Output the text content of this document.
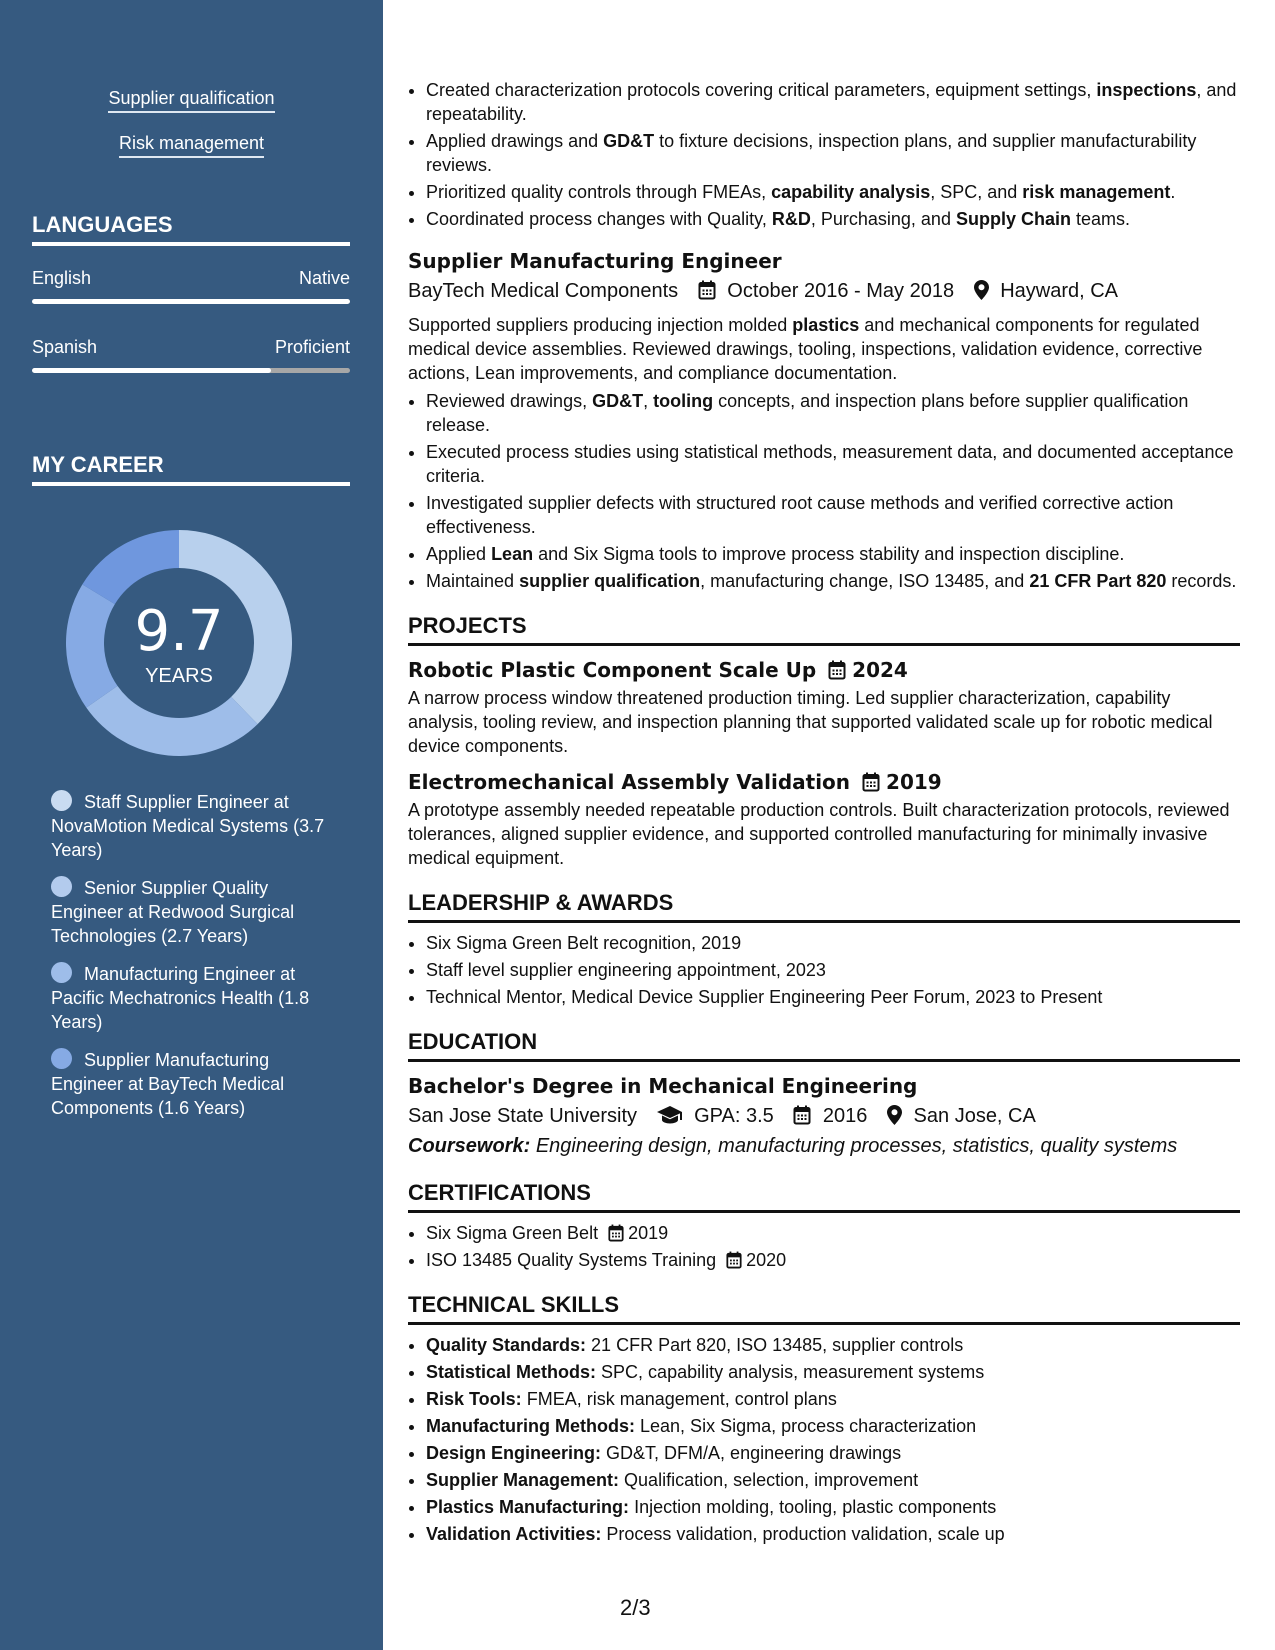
Supplier qualification
Risk management
LANGUAGES
English	Native
Spanish	Proficient
MY CAREER
9.7
YEARS
Staff Supplier Engineer at NovaMotion Medical Systems (3.7 Years)
Senior Supplier Quality Engineer at Redwood Surgical Technologies (2.7 Years)
Manufacturing Engineer at Pacific Mechatronics Health (1.8 Years)
Supplier Manufacturing Engineer at BayTech Medical Components (1.6 Years)
• Created characterization protocols covering critical parameters, equipment settings, inspections, and repeatability.
• Applied drawings and GD&T to fixture decisions, inspection plans, and supplier manufacturability reviews.
• Prioritized quality controls through FMEAs, capability analysis, SPC, and risk management.
• Coordinated process changes with Quality, R&D, Purchasing, and Supply Chain teams.
Supplier Manufacturing Engineer
BayTech Medical Components October 2016 - May 2018 Hayward, CA
Supported suppliers producing injection molded plastics and mechanical components for regulated medical device assemblies. Reviewed drawings, tooling, inspections, validation evidence, corrective actions, Lean improvements, and compliance documentation.
• Reviewed drawings, GD&T, tooling concepts, and inspection plans before supplier qualification release.
• Executed process studies using statistical methods, measurement data, and documented acceptance criteria.
• Investigated supplier defects with structured root cause methods and verified corrective action effectiveness.
• Applied Lean and Six Sigma tools to improve process stability and inspection discipline.
• Maintained supplier qualification, manufacturing change, ISO 13485, and 21 CFR Part 820 records.
PROJECTS
Robotic Plastic Component Scale Up 2024
A narrow process window threatened production timing. Led supplier characterization, capability analysis, tooling review, and inspection planning that supported validated scale up for robotic medical device components.
Electromechanical Assembly Validation 2019
A prototype assembly needed repeatable production controls. Built characterization protocols, reviewed tolerances, aligned supplier evidence, and supported controlled manufacturing for minimally invasive medical equipment.
LEADERSHIP & AWARDS
• Six Sigma Green Belt recognition, 2019
• Staff level supplier engineering appointment, 2023
• Technical Mentor, Medical Device Supplier Engineering Peer Forum, 2023 to Present
EDUCATION
Bachelor's Degree in Mechanical Engineering
San Jose State University	GPA: 3.5 2016 San Jose, CA
Coursework: Engineering design, manufacturing processes, statistics, quality systems
CERTIFICATIONS
• Six Sigma Green Belt 2019
• ISO 13485 Quality Systems Training 2020
TECHNICAL SKILLS
• Quality Standards: 21 CFR Part 820, ISO 13485, supplier controls
• Statistical Methods: SPC, capability analysis, measurement systems
• Risk Tools: FMEA, risk management, control plans
• Manufacturing Methods: Lean, Six Sigma, process characterization
• Design Engineering: GD&T, DFM/A, engineering drawings
• Supplier Management: Qualification, selection, improvement
• Plastics Manufacturing: Injection molding, tooling, plastic components
• Validation Activities: Process validation, production validation, scale up
2/3
